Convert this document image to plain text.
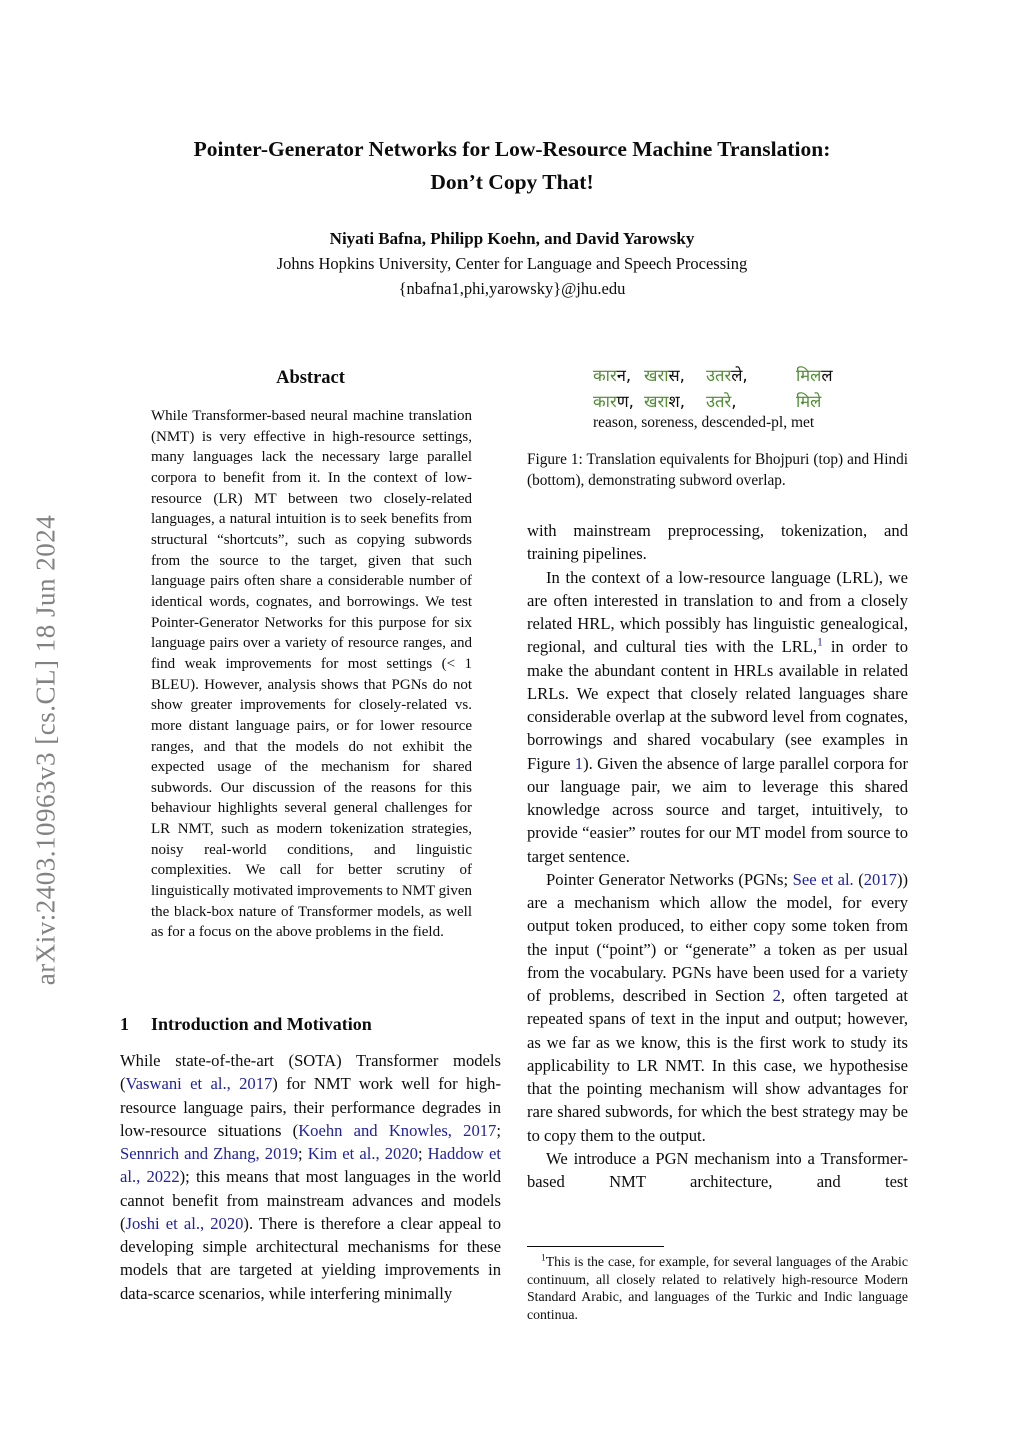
arXiv:2403.10963v3 [cs.CL] 18 Jun 2024
Pointer-Generator Networks for Low-Resource Machine Translation:
Don’t Copy That!
Niyati Bafna, Philipp Koehn, and David Yarowsky
Johns Hopkins University, Center for Language and Speech Processing
{nbafna1,phi,yarowsky}@jhu.edu
Abstract
While Transformer-based neural machine translation (NMT) is very effective in high-resource settings, many languages lack the necessary large parallel corpora to benefit from it. In the context of low-resource (LR) MT between two closely-related languages, a natural intuition is to seek benefits from structural “shortcuts”, such as copying subwords from the source to the target, given that such language pairs often share a considerable number of identical words, cognates, and borrowings. We test Pointer-Generator Networks for this purpose for six language pairs over a variety of resource ranges, and find weak improvements for most settings (< 1 BLEU). However, analysis shows that PGNs do not show greater improvements for closely-related vs. more distant language pairs, or for lower resource ranges, and that the models do not exhibit the expected usage of the mechanism for shared subwords. Our discussion of the reasons for this behaviour highlights several general challenges for LR NMT, such as modern tokenization strategies, noisy real-world conditions, and linguistic complexities. We call for better scrutiny of linguistically motivated improvements to NMT given the black-box nature of Transformer models, as well as for a focus on the above problems in the field.
1 Introduction and Motivation

While state-of-the-art (SOTA) Transformer models (Vaswani et al., 2017) for NMT work well for high-resource language pairs, their performance degrades in low-resource situations (Koehn and Knowles, 2017; Sennrich and Zhang, 2019; Kim et al., 2020; Haddow et al., 2022); this means that most languages in the world cannot benefit from mainstream advances and models (Joshi et al., 2020). There is therefore a clear appeal to developing simple architectural mechanisms for these models that are targeted at yielding improvements in data-scarce scenarios, while interfering minimally

कारन, खरास, उतरले,	मिलल
कारण, खराश, उतरे,	मिले
reason, soreness, descended-pl, met
Figure 1: Translation equivalents for Bhojpuri (top) and Hindi (bottom), demonstrating subword overlap.

with mainstream preprocessing, tokenization, and training pipelines.

In the context of a low-resource language (LRL), we are often interested in translation to and from a closely related HRL, which possibly has linguistic genealogical, regional, and cultural ties with the LRL,$^1$ in order to make the abundant content in HRLs available in related LRLs. We expect that closely related languages share considerable overlap at the subword level from cognates, borrowings and shared vocabulary (see examples in Figure 1). Given the absence of large parallel corpora for our language pair, we aim to leverage this shared knowledge across source and target, intuitively, to provide “easier” routes for our MT model from source to target sentence.

Pointer Generator Networks (PGNs; See et al. (2017)) are a mechanism which allow the model, for every output token produced, to either copy some token from the input (“point”) or “generate” a token as per usual from the vocabulary. PGNs have been used for a variety of problems, described in Section 2, often targeted at repeated spans of text in the input and output; however, as we far as we know, this is the first work to study its applicability to LR NMT. In this case, we hypothesise that the pointing mechanism will show advantages for rare shared subwords, for which the best strategy may be to copy them to the output.

We introduce a PGN mechanism into a Transformer-based NMT architecture, and test

$^1$This is the case, for example, for several languages of the Arabic continuum, all closely related to relatively high-resource Modern Standard Arabic, and languages of the Turkic and Indic language continua.
